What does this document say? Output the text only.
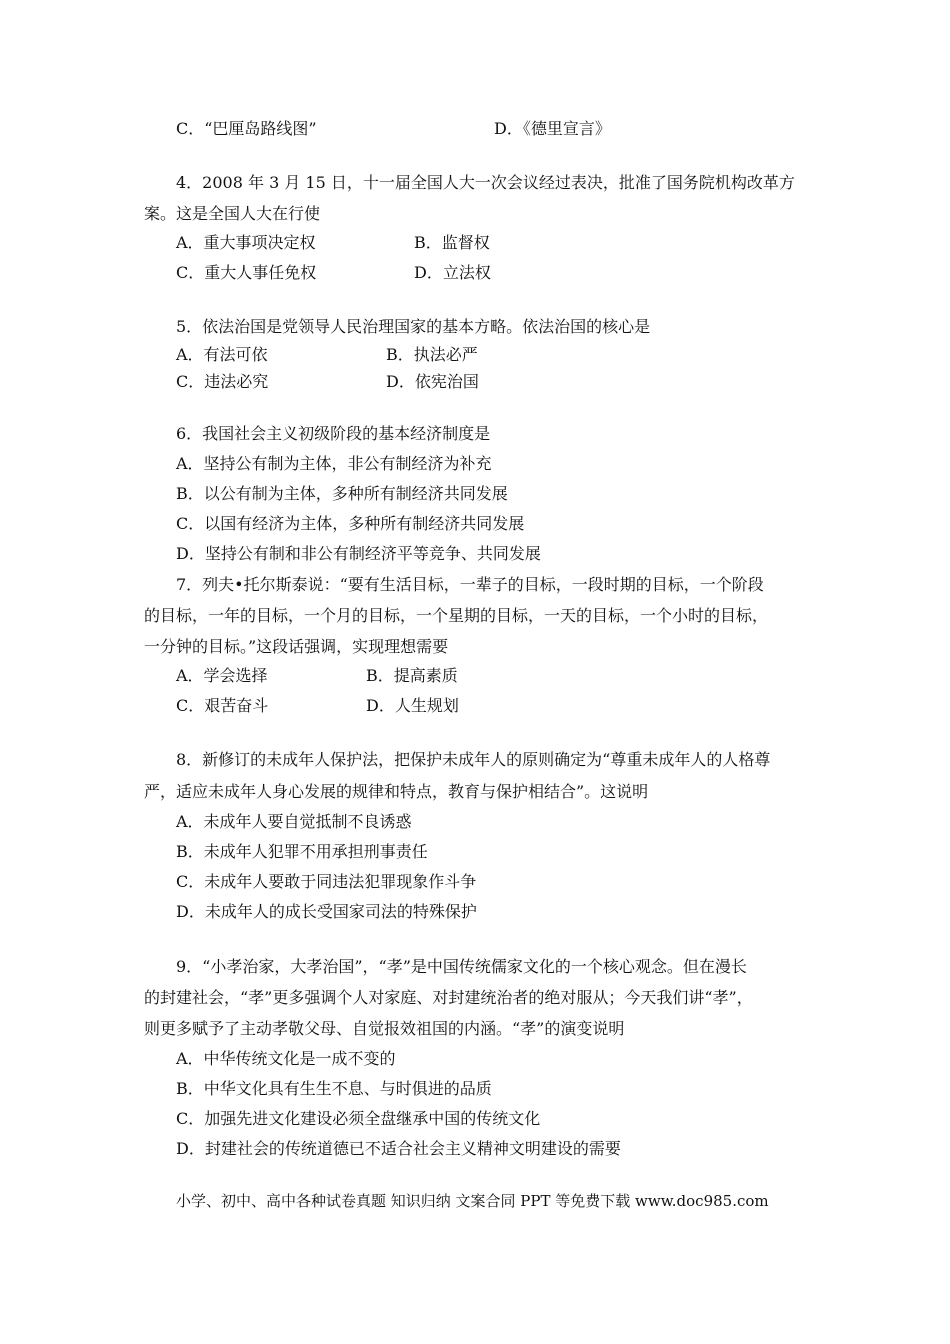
C．“巴厘岛路线图”	D．《德里宣言》
4．2008 年 3 月 15 日，十一届全国人大一次会议经过表决，批准了国务院机构改革方
案。这是全国人大在行使
A．重大事项决定权	B．监督权
C．重大人事任免权	D．立法权
5．依法治国是党领导人民治理国家的基本方略。依法治国的核心是
A．有法可依	B．执法必严
C．违法必究	D．依宪治国
6．我国社会主义初级阶段的基本经济制度是
A．坚持公有制为主体，非公有制经济为补充
B．以公有制为主体，多种所有制经济共同发展
C．以国有经济为主体，多种所有制经济共同发展
D．坚持公有制和非公有制经济平等竞争、共同发展
7．列夫•托尔斯泰说：“要有生活目标，一辈子的目标，一段时期的目标，一个阶段
的目标，一年的目标，一个月的目标，一个星期的目标，一天的目标，一个小时的目标，
一分钟的目标。”这段话强调，实现理想需要
A．学会选择	B．提高素质
C．艰苦奋斗	D．人生规划
8．新修订的未成年人保护法，把保护未成年人的原则确定为“尊重未成年人的人格尊
严，适应未成年人身心发展的规律和特点，教育与保护相结合”。这说明
A．未成年人要自觉抵制不良诱惑
B．未成年人犯罪不用承担刑事责任
C．未成年人要敢于同违法犯罪现象作斗争
D．未成年人的成长受国家司法的特殊保护
9．“小孝治家，大孝治国”，“孝”是中国传统儒家文化的一个核心观念。但在漫长
的封建社会，“孝”更多强调个人对家庭、对封建统治者的绝对服从；今天我们讲“孝”，
则更多赋予了主动孝敬父母、自觉报效祖国的内涵。“孝”的演变说明
A．中华传统文化是一成不变的
B．中华文化具有生生不息、与时俱进的品质
C．加强先进文化建设必须全盘继承中国的传统文化
D．封建社会的传统道德已不适合社会主义精神文明建设的需要
小学、初中、高中各种试卷真题 知识归纳 文案合同 PPT 等免费下载 www.doc985.com
